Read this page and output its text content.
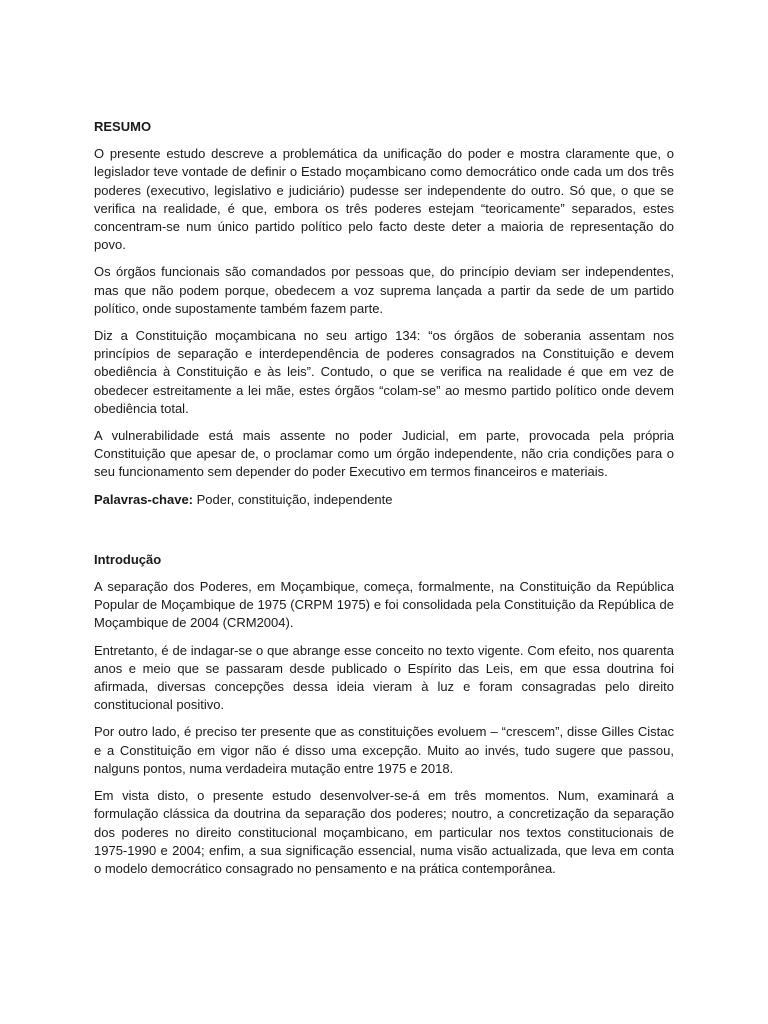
RESUMO

O presente estudo descreve a problemática da unificação do poder e mostra claramente que, o legislador teve vontade de definir o Estado moçambicano como democrático onde cada um dos três poderes (executivo, legislativo e judiciário) pudesse ser independente do outro. Só que, o que se verifica na realidade, é que, embora os três poderes estejam “teoricamente” separados, estes concentram-se num único partido político pelo facto deste deter a maioria de representação do povo.

Os órgãos funcionais são comandados por pessoas que, do princípio deviam ser independentes, mas que não podem porque, obedecem a voz suprema lançada a partir da sede de um partido político, onde supostamente também fazem parte.

Diz a Constituição moçambicana no seu artigo 134: “os órgãos de soberania assentam nos princípios de separação e interdependência de poderes consagrados na Constituição e devem obediência à Constituição e às leis”. Contudo, o que se verifica na realidade é que em vez de obedecer estreitamente a lei mãe, estes órgãos “colam-se” ao mesmo partido político onde devem obediência total.

A vulnerabilidade está mais assente no poder Judicial, em parte, provocada pela própria Constituição que apesar de, o proclamar como um órgão independente, não cria condições para o seu funcionamento sem depender do poder Executivo em termos financeiros e materiais.

Palavras-chave: Poder, constituição, independente

Introdução

A separação dos Poderes, em Moçambique, começa, formalmente, na Constituição da República Popular de Moçambique de 1975 (CRPM 1975) e foi consolidada pela Constituição da República de Moçambique de 2004 (CRM2004).

Entretanto, é de indagar-se o que abrange esse conceito no texto vigente. Com efeito, nos quarenta anos e meio que se passaram desde publicado o Espírito das Leis, em que essa doutrina foi afirmada, diversas concepções dessa ideia vieram à luz e foram consagradas pelo direito constitucional positivo.

Por outro lado, é preciso ter presente que as constituições evoluem – “crescem”, disse Gilles Cistac e a Constituição em vigor não é disso uma excepção. Muito ao invés, tudo sugere que passou, nalguns pontos, numa verdadeira mutação entre 1975 e 2018.

Em vista disto, o presente estudo desenvolver-se-á em três momentos. Num, examinará a formulação clássica da doutrina da separação dos poderes; noutro, a concretização da separação dos poderes no direito constitucional moçambicano, em particular nos textos constitucionais de 1975-1990 e 2004; enfim, a sua significação essencial, numa visão actualizada, que leva em conta o modelo democrático consagrado no pensamento e na prática contemporânea.
